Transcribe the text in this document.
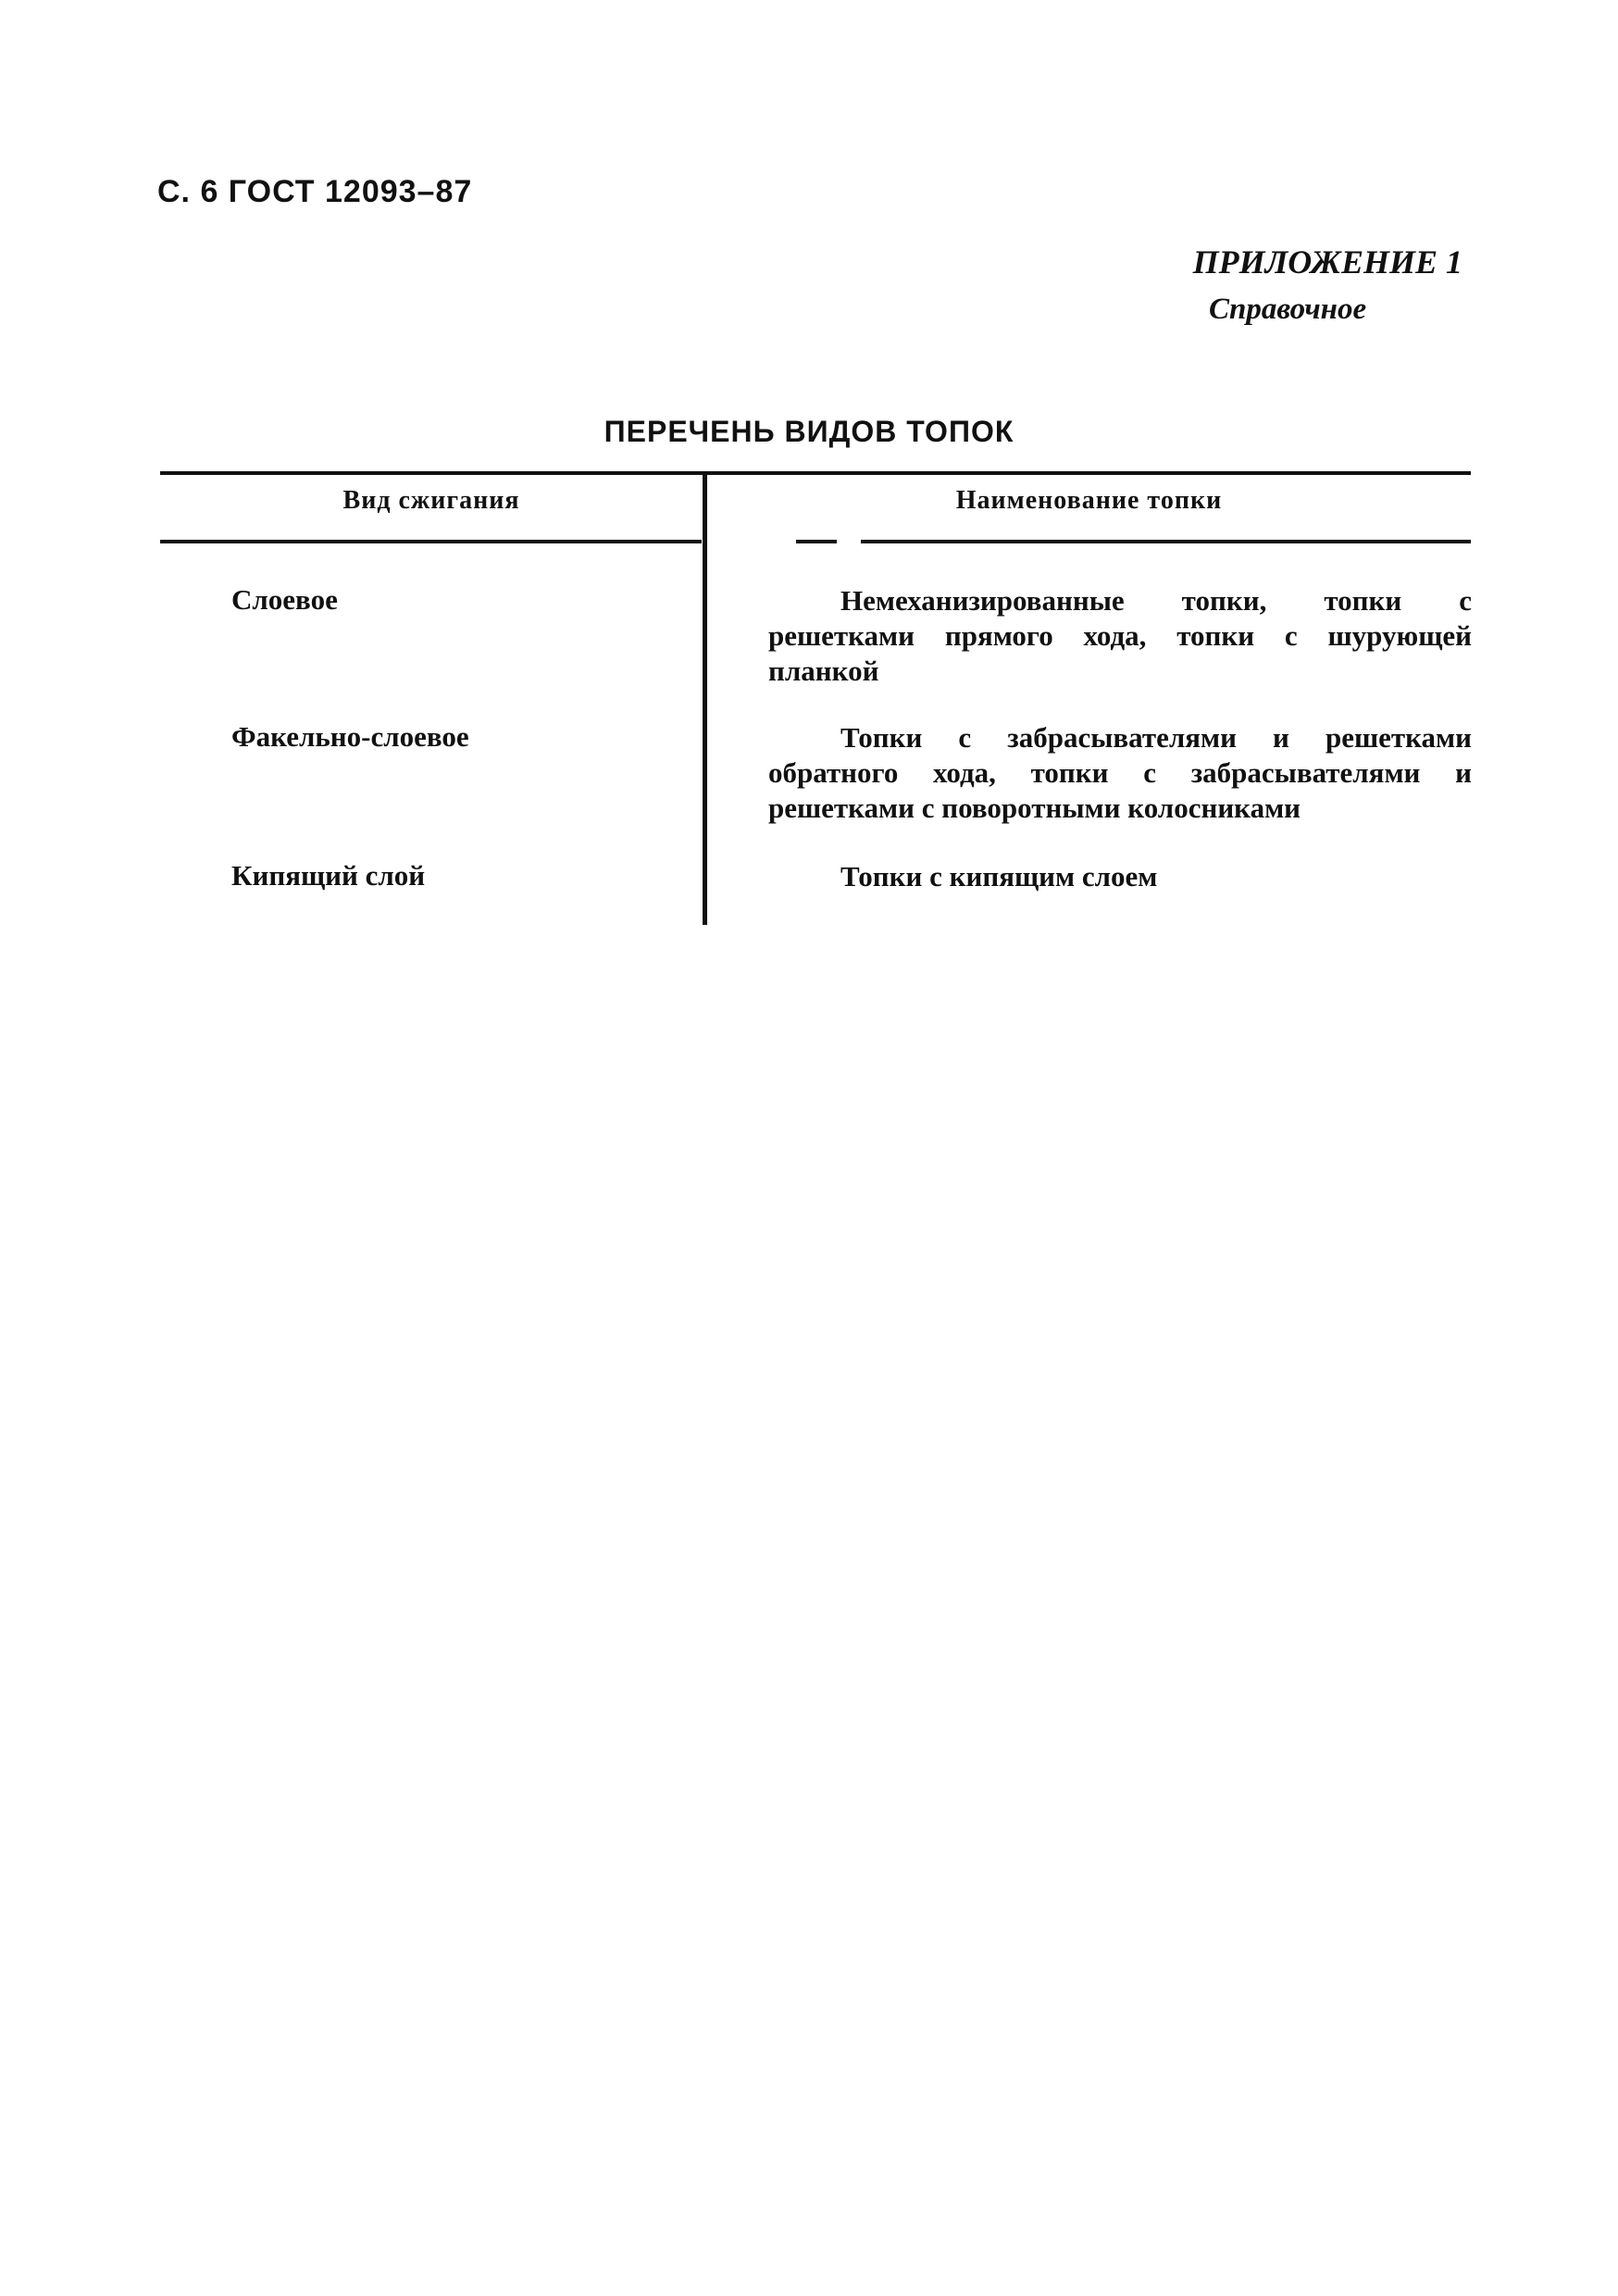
С. 6 ГОСТ 12093–87
ПРИЛОЖЕНИЕ 1
Справочное
ПЕРЕЧЕНЬ ВИДОВ ТОПОК
Вид сжигания	Наименование топки
Слоевое	Немеханизированные топки, топки с решетками прямого хода, топки с шурующей планкой
Факельно-слоевое	Топки с забрасывателями и решетками обратного хода, топки с забрасывателями и решетками с поворотными колосниками
Кипящий слой	Топки с кипящим слоем
